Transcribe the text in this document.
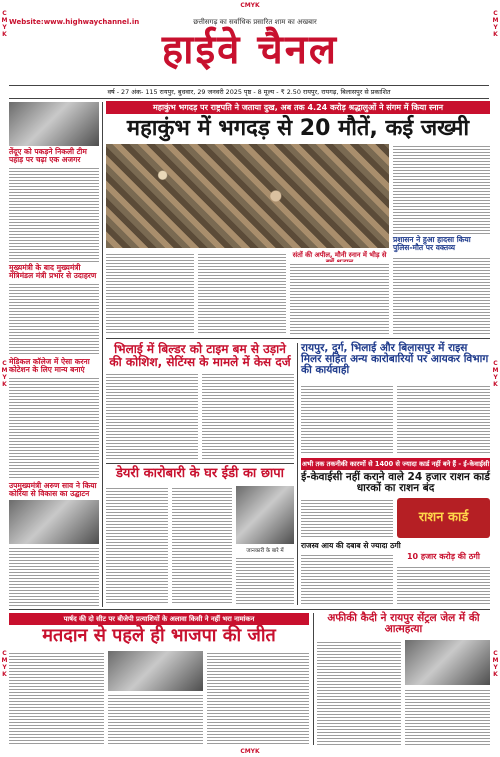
CMYK
CMYK
C
M
Y
K
C
M
Y
K
C
M
Y
K
C
M
Y
K
C
M
Y
K
C
M
Y
K
Website:www.highwaychannel.in	छत्तीसगढ़ का सर्वाधिक प्रसारित शाम का अखबार
हाईवे चैनल
वर्ष - 27 अंक- 115 रायपुर, बुधवार, 29 जनवरी 2025 पृष्ठ - 8 मूल्य - ₹ 2.50 रायपुर, रायगढ़, बिलासपुर से प्रकाशित
तेंदूए को पकड़ने निकली टीम पहाड़ पर चढ़ा एक अजगर
मुख्यमंत्री के बाद मुख्यमंत्री मंत्रिमंडल मंत्री प्रभार से उदाहरण
मेडिकल कॉलेज में ऐसा करना कोटेशन के लिए मान्य बनाएं
उपमुख्यमंत्री अरुण साव ने किया कोरिया से विकास का उद्घाटन
महाकुंभ भगदड़ पर राष्ट्रपति ने जताया दुख, अब तक 4.24 करोड़ श्रद्धालुओं ने संगम में किया स्नान
महाकुंभ में भगदड़ से 20 मौतें, कई जख्मी
प्रशासन ने हुआ हादसा किया पुलिस-मौत पर वक्तव्य
संतों की अपील, मौनी स्नान में भीड़ से
भिलाई में बिल्डर को टाइम बम से उड़ाने की कोशिश, सेटिंग्स के मामले में केस दर्ज
डेयरी कारोबारी के घर ईडी का छापा
जानकारी के बारे में
रायपुर, दुर्ग, भिलाई और बिलासपुर में राइस मिलर सहित अन्य कारोबारियों पर आयकर विभाग की कार्यवाही
अभी तक तकनीकी कारणों से 1400 से ज्यादा कार्ड नहीं बने हैं - ई-केवाईसी
ई-केवाईसी नहीं कराने वाले 24 हजार राशन कार्ड धारकों का राशन बंद
राशन कार्ड
राजस्व आय की दबाब से ज्यादा ठगी
10 हजार करोड़ की ठगी
पार्षद की दो सीट पर बीजेपी प्रत्याशियों के अलावा किसी ने नहीं भरा नामांकन
मतदान से पहले ही भाजपा की जीत
अफीकी कैदी ने रायपुर सेंट्रल जेल में की आत्महत्या
